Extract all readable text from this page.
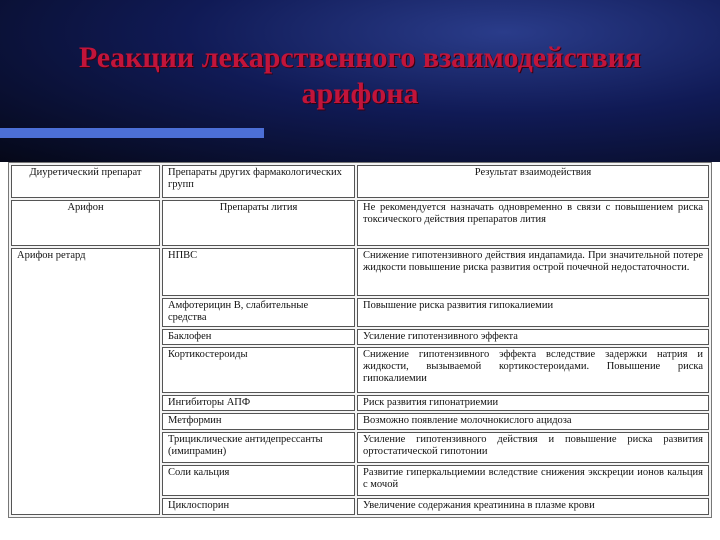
Реакции лекарственного взаимодействия
арифона
Диуретический препарат	Препараты других фармакологических групп	Результат взаимодействия
Арифон	Препараты лития	Не рекомендуется назначать одновременно в связи с повышением риска токсического действия препаратов лития
Арифон ретард	НПВС	Снижение гипотензивного действия индапамида. При значительной потере жидкости повышение риска развития острой почечной недостаточности.
	Амфотерицин В, слабительные средства	Повышение риска развития гипокалиемии
	Баклофен	Усиление гипотензивного эффекта
	Кортикостероиды	Снижение гипотензивного эффекта вследствие задержки натрия и жидкости, вызываемой кортикостероидами. Повышение риска гипокалиемии
	Ингибиторы АПФ	Риск развития гипонатриемии
	Метформин	Возможно появление молочнокислого ацидоза
	Трициклические антидепрессанты (имипрамин)	Усиление гипотензивного действия и повышение риска развития ортостатической гипотонии
	Соли кальция	Развитие гиперкальциемии вследствие снижения экскреции ионов кальция с мочой
	Циклоспорин	Увеличение содержания креатинина в плазме крови
